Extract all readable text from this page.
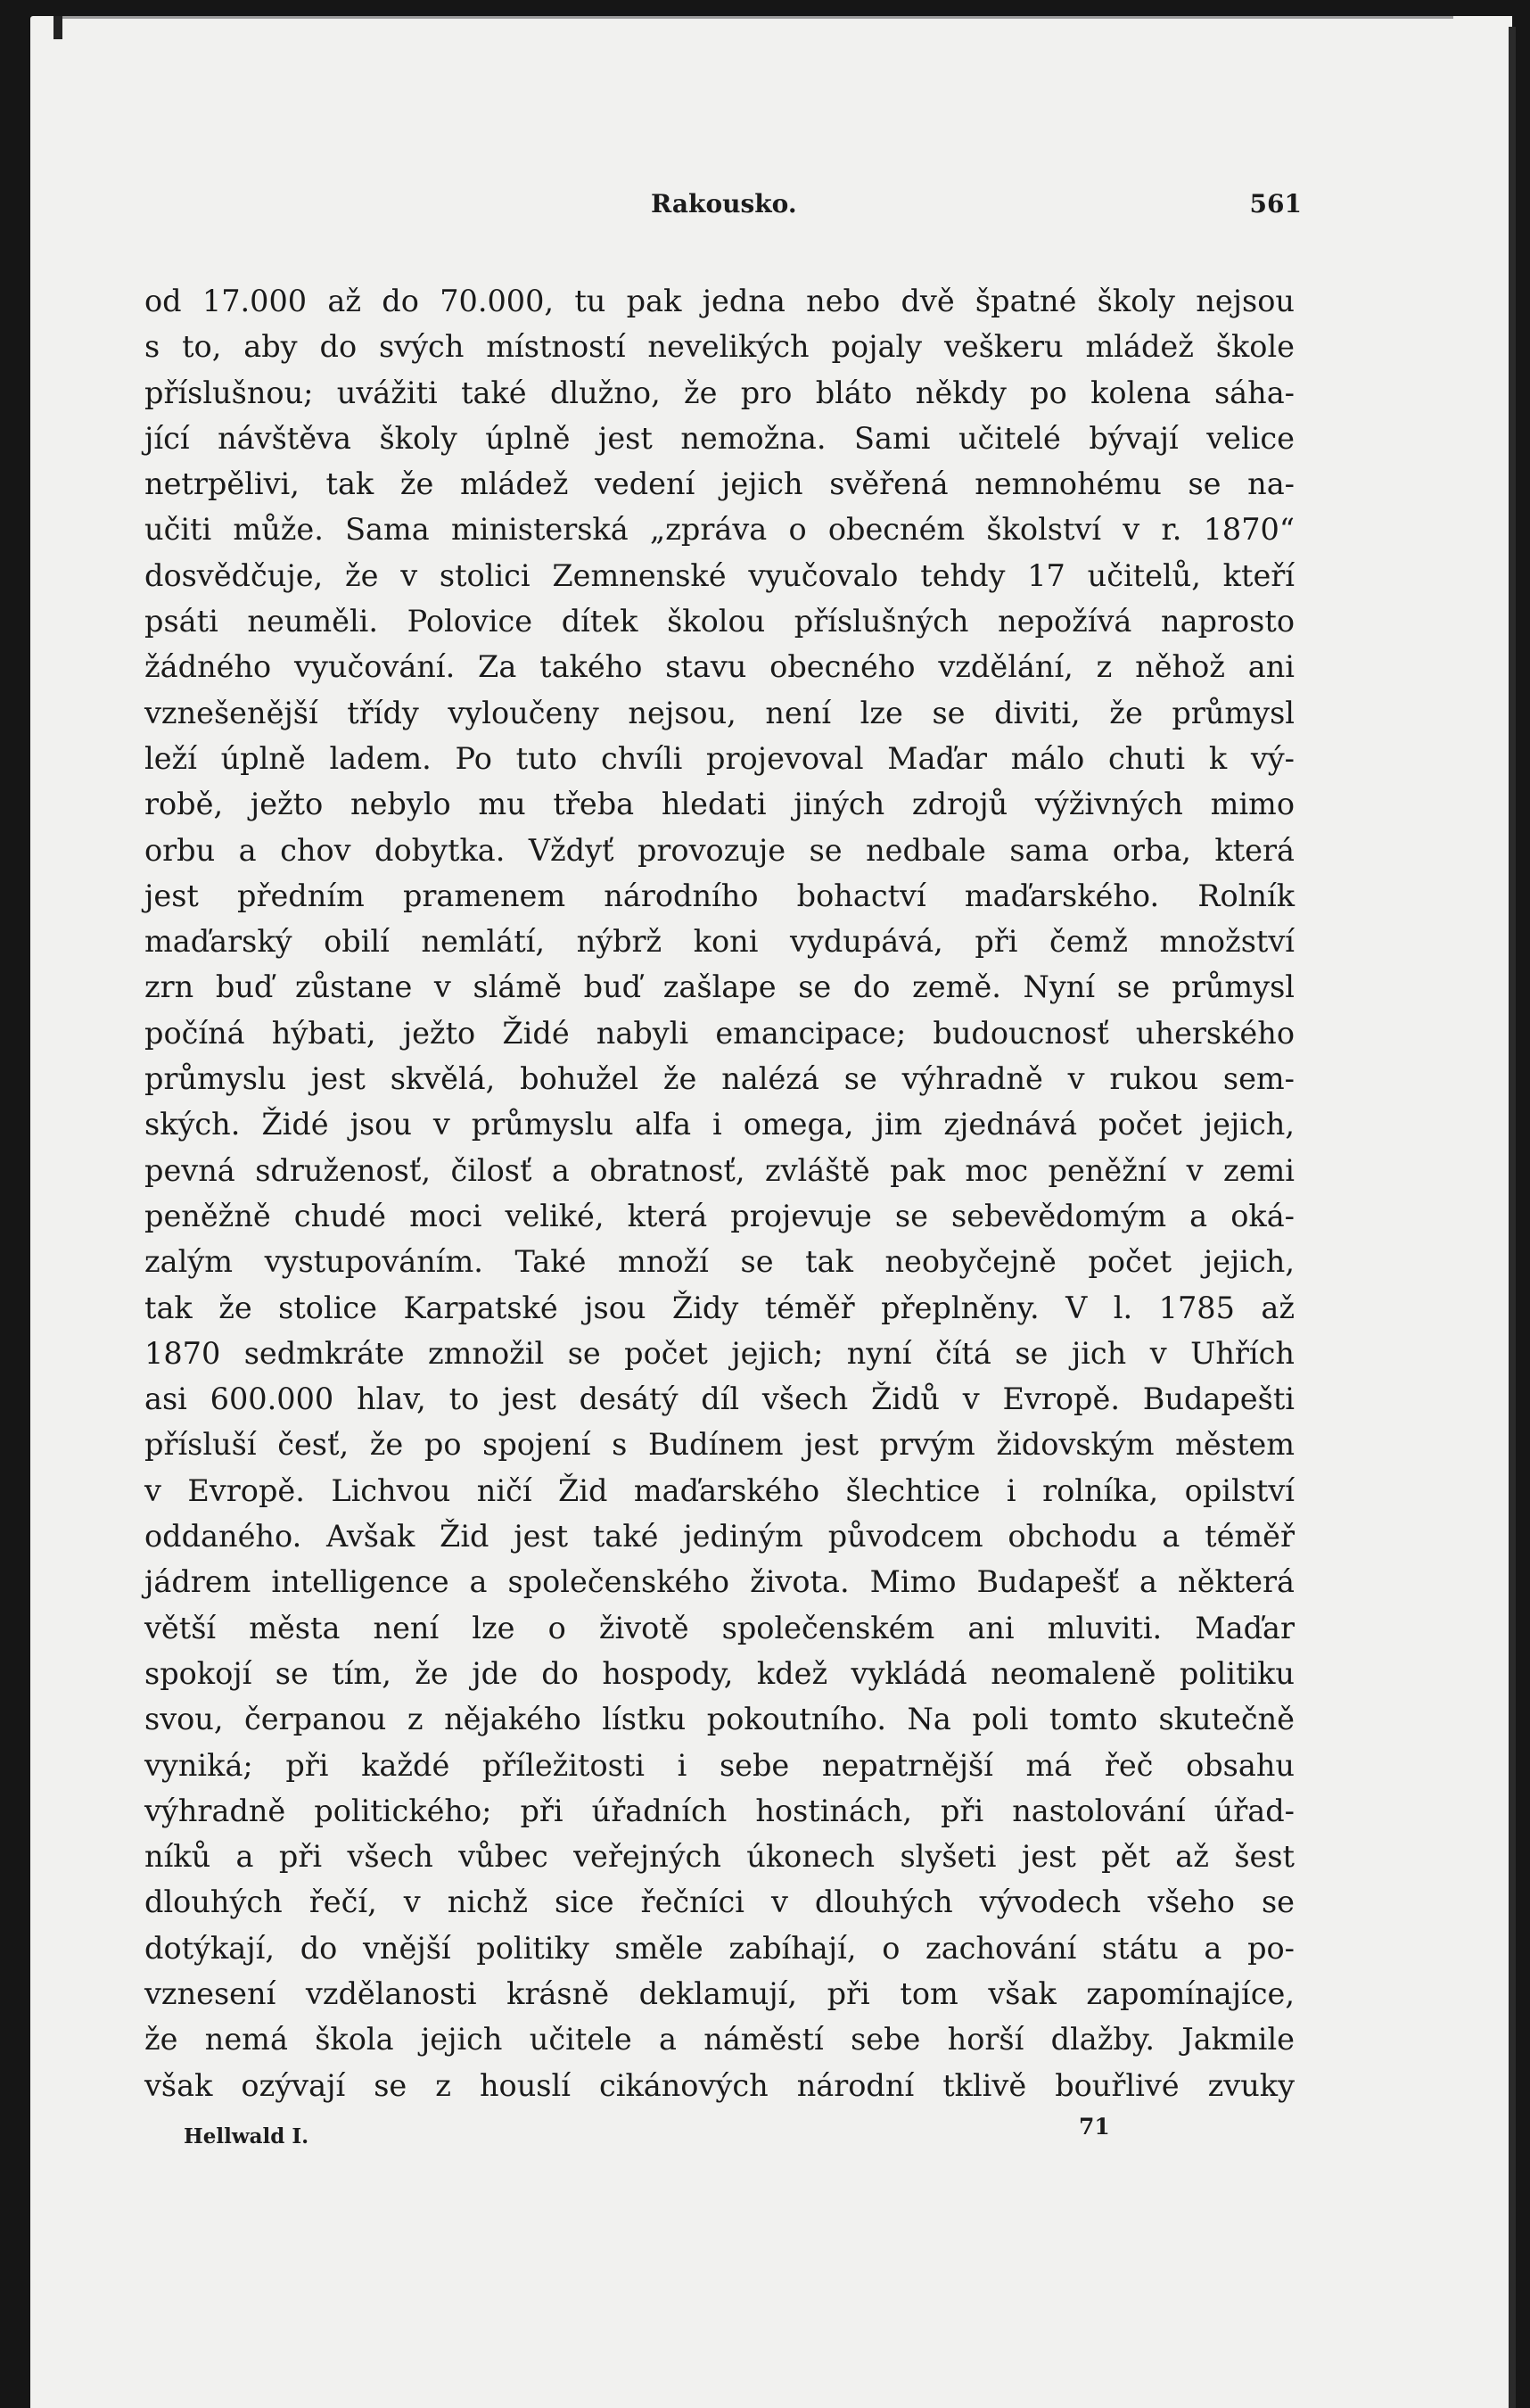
Rakousko.	561
od 17.000 až do 70.000, tu pak jedna nebo dvě špatné školy nejsou
s to, aby do svých místností nevelikých pojaly veškeru mládež škole
příslušnou; uvážiti také dlužno, že pro bláto někdy po kolena sáha-
jící návštěva školy úplně jest nemožna. Sami učitelé bývají velice
netrpělivi, tak že mládež vedení jejich svěřená nemnohému se na-
učiti může. Sama ministerská „zpráva o obecném školství v r. 1870“
dosvědčuje, že v stolici Zemnenské vyučovalo tehdy 17 učitelů, kteří
psáti neuměli. Polovice dítek školou příslušných nepožívá naprosto
žádného vyučování. Za takého stavu obecného vzdělání, z něhož ani
vznešenější třídy vyloučeny nejsou, není lze se diviti, že průmysl
leží úplně ladem. Po tuto chvíli projevoval Maďar málo chuti k vý-
robě, ježto nebylo mu třeba hledati jiných zdrojů výživných mimo
orbu a chov dobytka. Vždyť provozuje se nedbale sama orba, která
jest předním pramenem národního bohactví maďarského. Rolník
maďarský obilí nemlátí, nýbrž koni vydupává, při čemž množství
zrn buď zůstane v slámě buď zašlape se do země. Nyní se průmysl
počíná hýbati, ježto Židé nabyli emancipace; budoucnosť uherského
průmyslu jest skvělá, bohužel že nalézá se výhradně v rukou sem-
ských. Židé jsou v průmyslu alfa i omega, jim zjednává počet jejich,
pevná sdruženosť, čilosť a obratnosť, zvláště pak moc peněžní v zemi
peněžně chudé moci veliké, která projevuje se sebevědomým a oká-
zalým vystupováním. Také množí se tak neobyčejně počet jejich,
tak že stolice Karpatské jsou Židy téměř přeplněny. V l. 1785 až
1870 sedmkráte zmnožil se počet jejich; nyní čítá se jich v Uhřích
asi 600.000 hlav, to jest desátý díl všech Židů v Evropě. Budapešti
přísluší česť, že po spojení s Budínem jest prvým židovským městem
v Evropě. Lichvou ničí Žid maďarského šlechtice i rolníka, opilství
oddaného. Avšak Žid jest také jediným původcem obchodu a téměř
jádrem intelligence a společenského života. Mimo Budapešť a některá
větší města není lze o životě společenském ani mluviti. Maďar
spokojí se tím, že jde do hospody, kdež vykládá neomaleně politiku
svou, čerpanou z nějakého lístku pokoutního. Na poli tomto skutečně
vyniká; při každé příležitosti i sebe nepatrnější má řeč obsahu
výhradně politického; při úřadních hostinách, při nastolování úřad-
níků a při všech vůbec veřejných úkonech slyšeti jest pět až šest
dlouhých řečí, v nichž sice řečníci v dlouhých vývodech všeho se
dotýkají, do vnější politiky směle zabíhají, o zachování státu a po-
vznesení vzdělanosti krásně deklamují, při tom však zapomínajíce,
že nemá škola jejich učitele a náměstí sebe horší dlažby. Jakmile
však ozývají se z houslí cikánových národní tklivě bouřlivé zvuky
Hellwald I.	71
